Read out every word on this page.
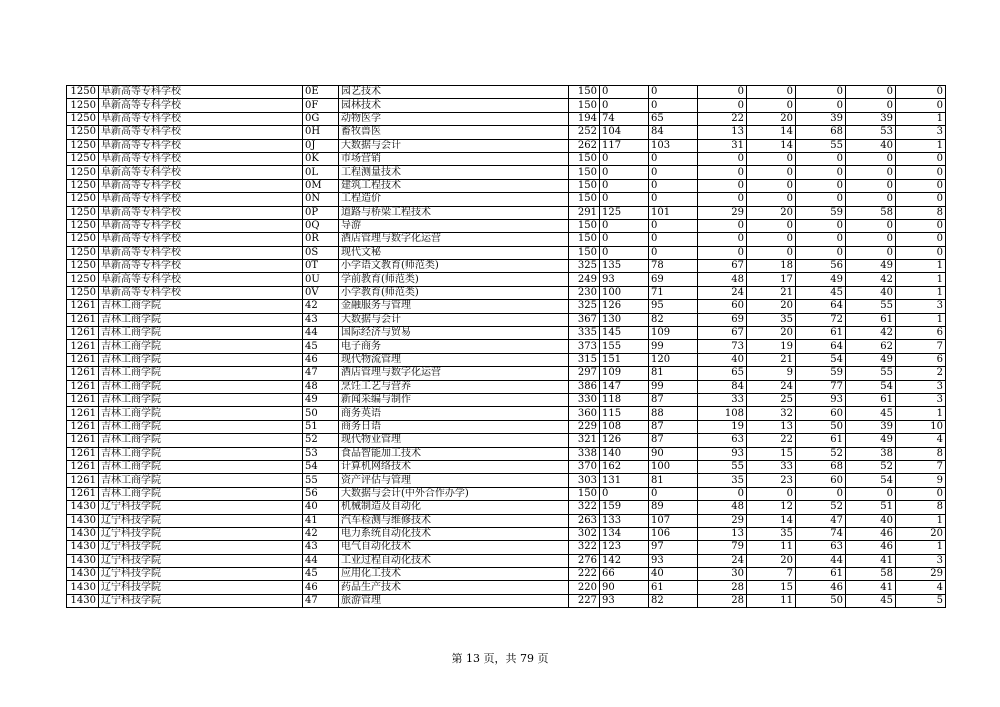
1250	阜新高等专科学校	0E	园艺技术	150	0	0	0	0	0	0	0
1250	阜新高等专科学校	0F	园林技术	150	0	0	0	0	0	0	0
1250	阜新高等专科学校	0G	动物医学	194	74	65	22	20	39	39	1
1250	阜新高等专科学校	0H	畜牧兽医	252	104	84	13	14	68	53	3
1250	阜新高等专科学校	0J	大数据与会计	262	117	103	31	14	55	40	1
1250	阜新高等专科学校	0K	市场营销	150	0	0	0	0	0	0	0
1250	阜新高等专科学校	0L	工程测量技术	150	0	0	0	0	0	0	0
1250	阜新高等专科学校	0M	建筑工程技术	150	0	0	0	0	0	0	0
1250	阜新高等专科学校	0N	工程造价	150	0	0	0	0	0	0	0
1250	阜新高等专科学校	0P	道路与桥梁工程技术	291	125	101	29	20	59	58	8
1250	阜新高等专科学校	0Q	导游	150	0	0	0	0	0	0	0
1250	阜新高等专科学校	0R	酒店管理与数字化运营	150	0	0	0	0	0	0	0
1250	阜新高等专科学校	0S	现代文秘	150	0	0	0	0	0	0	0
1250	阜新高等专科学校	0T	小学语文教育(师范类)	325	135	78	67	18	56	49	1
1250	阜新高等专科学校	0U	学前教育(师范类)	249	93	69	48	17	49	42	1
1250	阜新高等专科学校	0V	小学教育(师范类)	230	100	71	24	21	45	40	1
1261	吉林工商学院	42	金融服务与管理	325	126	95	60	20	64	55	3
1261	吉林工商学院	43	大数据与会计	367	130	82	69	35	72	61	1
1261	吉林工商学院	44	国际经济与贸易	335	145	109	67	20	61	42	6
1261	吉林工商学院	45	电子商务	373	155	99	73	19	64	62	7
1261	吉林工商学院	46	现代物流管理	315	151	120	40	21	54	49	6
1261	吉林工商学院	47	酒店管理与数字化运营	297	109	81	65	9	59	55	2
1261	吉林工商学院	48	烹饪工艺与营养	386	147	99	84	24	77	54	3
1261	吉林工商学院	49	新闻采编与制作	330	118	87	33	25	93	61	3
1261	吉林工商学院	50	商务英语	360	115	88	108	32	60	45	1
1261	吉林工商学院	51	商务日语	229	108	87	19	13	50	39	10
1261	吉林工商学院	52	现代物业管理	321	126	87	63	22	61	49	4
1261	吉林工商学院	53	食品智能加工技术	338	140	90	93	15	52	38	8
1261	吉林工商学院	54	计算机网络技术	370	162	100	55	33	68	52	7
1261	吉林工商学院	55	资产评估与管理	303	131	81	35	23	60	54	9
1261	吉林工商学院	56	大数据与会计(中外合作办学)	150	0	0	0	0	0	0	0
1430	辽宁科技学院	40	机械制造及自动化	322	159	89	48	12	52	51	8
1430	辽宁科技学院	41	汽车检测与维修技术	263	133	107	29	14	47	40	1
1430	辽宁科技学院	42	电力系统自动化技术	302	134	106	13	35	74	46	20
1430	辽宁科技学院	43	电气自动化技术	322	123	97	79	11	63	46	1
1430	辽宁科技学院	44	工业过程自动化技术	276	142	93	24	20	44	41	3
1430	辽宁科技学院	45	应用化工技术	222	66	40	30	7	61	58	29
1430	辽宁科技学院	46	药品生产技术	220	90	61	28	15	46	41	4
1430	辽宁科技学院	47	旅游管理	227	93	82	28	11	50	45	5
第 13 页，共 79 页
